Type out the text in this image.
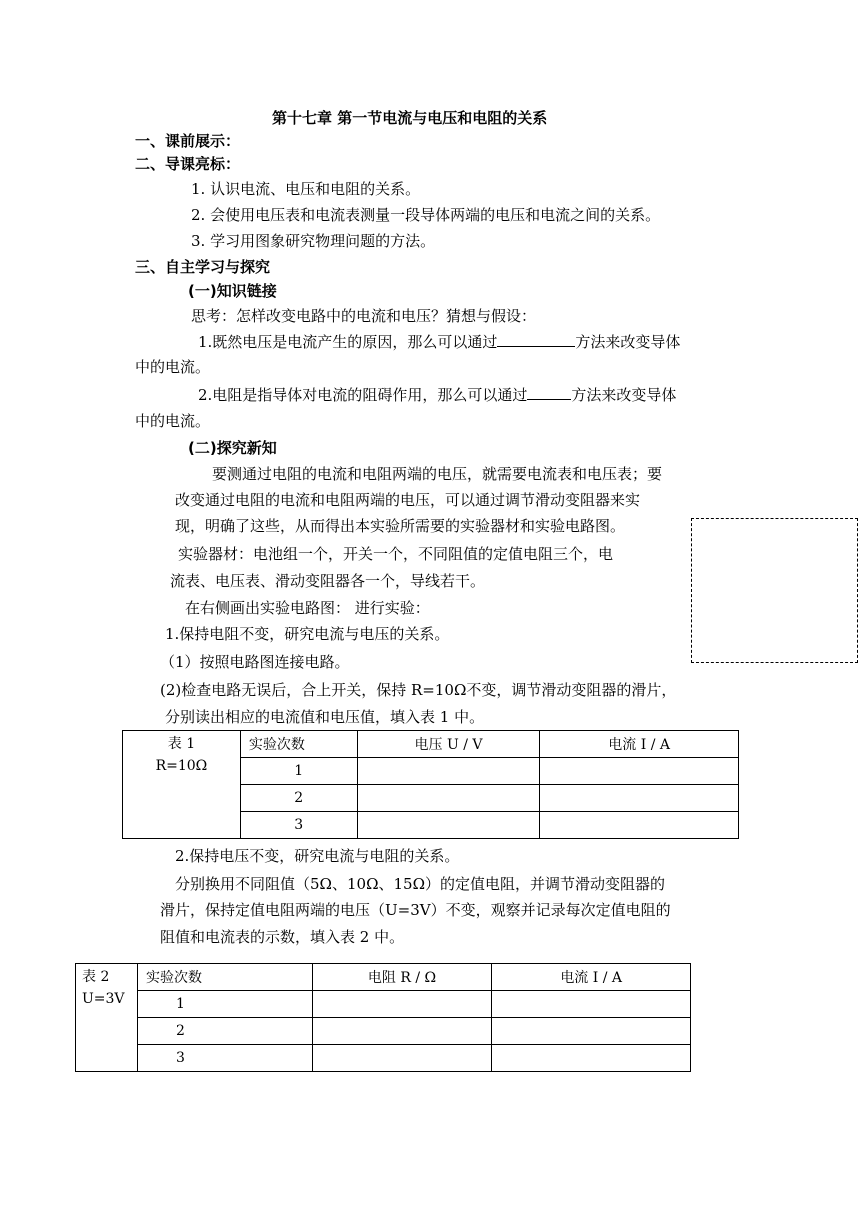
第十七章 第一节电流与电压和电阻的关系
一、课前展示：
二、导课亮标：
1. 认识电流、电压和电阻的关系。
2. 会使用电压表和电流表测量一段导体两端的电压和电流之间的关系。
3. 学习用图象研究物理问题的方法。
三、自主学习与探究
(一)知识链接
思考：怎样改变电路中的电流和电压？猜想与假设：
1.既然电压是电流产生的原因，那么可以通过	方法来改变导体
中的电流。
2.电阻是指导体对电流的阻碍作用，那么可以通过	方法来改变导体
中的电流。
(二)探究新知
要测通过电阻的电流和电阻两端的电压，就需要电流表和电压表；要
改变通过电阻的电流和电阻两端的电压，可以通过调节滑动变阻器来实
现，明确了这些，从而得出本实验所需要的实验器材和实验电路图。
实验器材：电池组一个，开关一个，不同阻值的定值电阻三个，电
流表、电压表、滑动变阻器各一个，导线若干。
在右侧画出实验电路图： 进行实验：
1.保持电阻不变，研究电流与电压的关系。
（1）按照电路图连接电路。
(2)检查电路无误后，合上开关，保持 R=10Ω不变，调节滑动变阻器的滑片，
分别读出相应的电流值和电压值，填入表 1 中。
表 1
R=10Ω	实验次数	电压 U / V	电流 I / A
	1		
	2		
	3		
2.保持电压不变，研究电流与电阻的关系。
分别换用不同阻值（5Ω、10Ω、15Ω）的定值电阻，并调节滑动变阻器的
滑片，保持定值电阻两端的电压（U=3V）不变，观察并记录每次定值电阻的
阻值和电流表的示数，填入表 2 中。
表 2
U=3V	实验次数	电阻 R / Ω	电流 I / A
	1		
	2		
	3		
